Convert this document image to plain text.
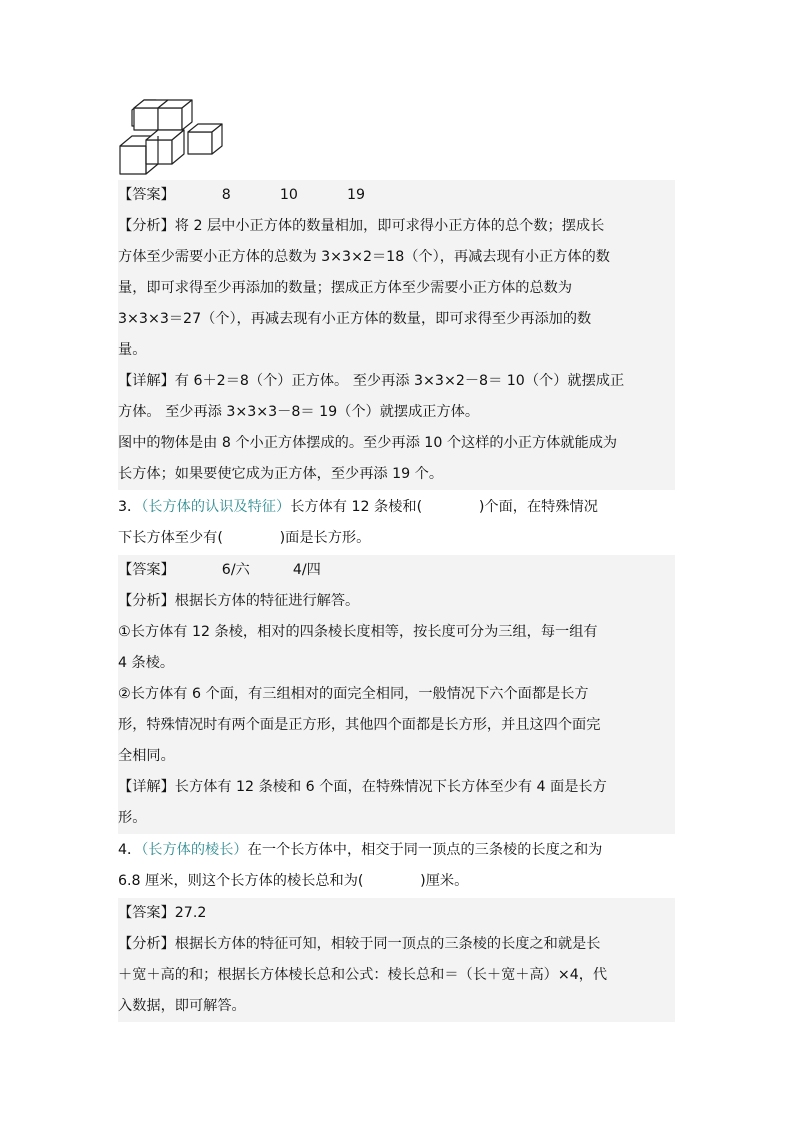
【答案】	8	10	19
【分析】将 2 层中小正方体的数量相加，即可求得小正方体的总个数；摆成长
方体至少需要小正方体的总数为 3×3×2＝18（个），再减去现有小正方体的数
量，即可求得至少再添加的数量；摆成正方体至少需要小正方体的总数为
3×3×3＝27（个），再减去现有小正方体的数量，即可求得至少再添加的数
量。
【详解】有 6＋2＝8（个）正方体。 至少再添 3×3×2－8＝ 10（个）就摆成正
方体。 至少再添 3×3×3－8＝ 19（个）就摆成正方体。
图中的物体是由 8 个小正方体摆成的。至少再添 10 个这样的小正方体就能成为
长方体；如果要使它成为正方体，至少再添 19 个。
3．（长方体的认识及特征）长方体有 12 条棱和(　　　　)个面，在特殊情况
下长方体至少有(　　　　)面是长方形。
【答案】	6/六	4/四
【分析】根据长方体的特征进行解答。
①长方体有 12 条棱，相对的四条棱长度相等，按长度可分为三组，每一组有
4 条棱。
②长方体有 6 个面，有三组相对的面完全相同，一般情况下六个面都是长方
形，特殊情况时有两个面是正方形，其他四个面都是长方形，并且这四个面完
全相同。
【详解】长方体有 12 条棱和 6 个面，在特殊情况下长方体至少有 4 面是长方
形。
4．（长方体的棱长）在一个长方体中，相交于同一顶点的三条棱的长度之和为
6.8 厘米，则这个长方体的棱长总和为(　　　　)厘米。
【答案】27.2
【分析】根据长方体的特征可知，相较于同一顶点的三条棱的长度之和就是长
＋宽＋高的和；根据长方体棱长总和公式：棱长总和＝（长＋宽＋高）×4，代
入数据，即可解答。
